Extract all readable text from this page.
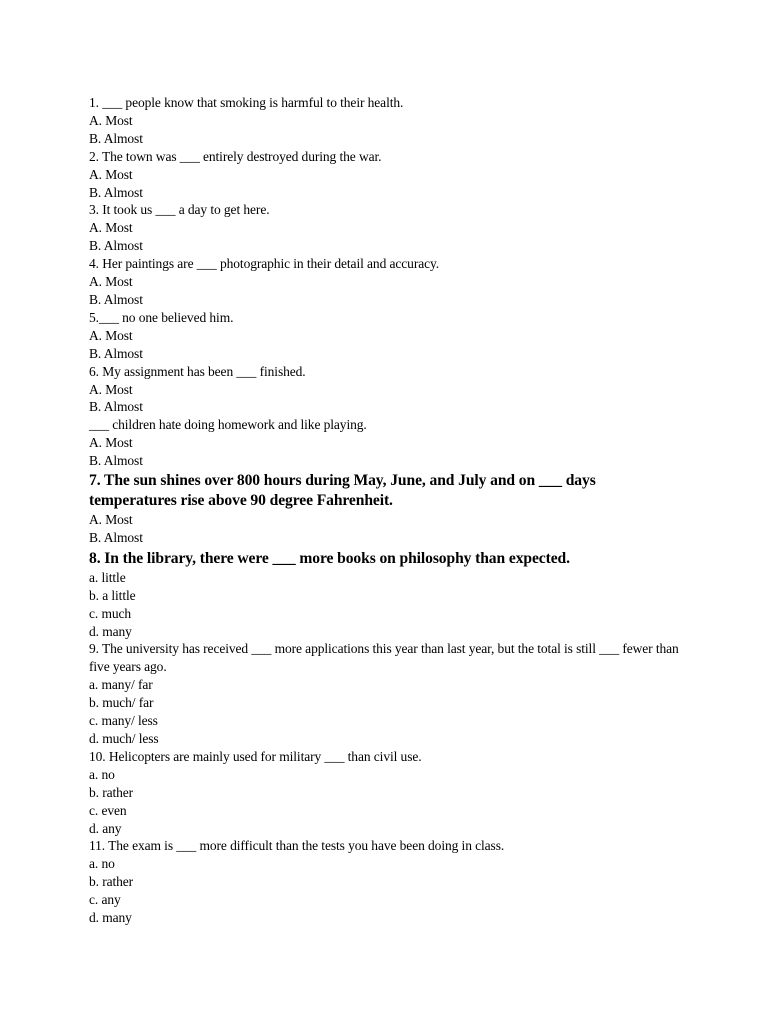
1. ___ people know that smoking is harmful to their health.
A. Most
B. Almost
2. The town was ___ entirely destroyed during the war.
A. Most
B. Almost
3. It took us ___ a day to get here.
A. Most
B. Almost
4. Her paintings are ___ photographic in their detail and accuracy.
A. Most
B. Almost
5.___ no one believed him.
A. Most
B. Almost
6. My assignment has been ___ finished.
A. Most
B. Almost
___ children hate doing homework and like playing.
A. Most
B. Almost
7. The sun shines over 800 hours during May, June, and July and on ___ days temperatures rise above 90 degree Fahrenheit.
A. Most
B. Almost
8. In the library, there were ___ more books on philosophy than expected.
a. little
b. a little
c. much
d. many
9. The university has received ___ more applications this year than last year, but the total is still ___ fewer than five years ago.
a. many/ far
b. much/ far
c. many/ less
d. much/ less
10. Helicopters are mainly used for military ___ than civil use.
a. no
b. rather
c. even
d. any
11. The exam is ___ more difficult than the tests you have been doing in class.
a. no
b. rather
c. any
d. many
